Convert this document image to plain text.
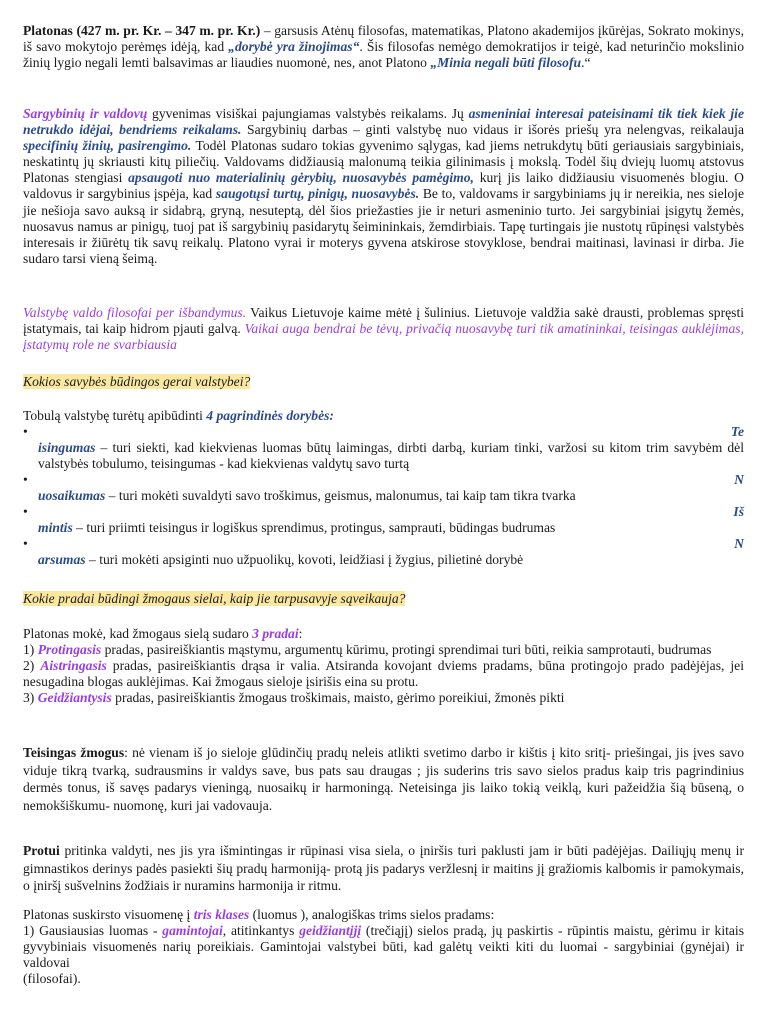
Platonas (427 m. pr. Kr. – 347 m. pr. Kr.) – garsusis Atėnų filosofas, matematikas, Platono akademijos įkūrėjas, Sokrato mokinys, iš savo mokytojo perėmęs idėją, kad „dorybė yra žinojimas“. Šis filosofas nemėgo demokratijos ir teigė, kad neturinčio mokslinio žinių lygio negali lemti balsavimas ar liaudies nuomonė, nes, anot Platono „Minia negali būti filosofu.“

Sargybinių ir valdovų gyvenimas visiškai pajungiamas valstybės reikalams. Jų asmeniniai interesai pateisinami tik tiek kiek jie netrukdo idėjai, bendriems reikalams. Sargybinių darbas – ginti valstybę nuo vidaus ir išorės priešų yra nelengvas, reikalauja specifinių žinių, pasirengimo. Todėl Platonas sudaro tokias gyvenimo sąlygas, kad jiems netrukdytų būti geriausiais sargybiniais, neskatintų jų skriausti kitų piliečių. Valdovams didžiausią malonumą teikia gilinimasis į mokslą. Todėl šių dviejų luomų atstovus Platonas stengiasi apsaugoti nuo materialinių gėrybių, nuosavybės pamėgimo, kurį jis laiko didžiausiu visuomenės blogiu. O valdovus ir sargybinius įspėja, kad saugotųsi turtų, pinigų, nuosavybės. Be to, valdovams ir sargybiniams jų ir nereikia, nes sieloje jie nešioja savo auksą ir sidabrą, gryną, nesuteptą, dėl šios priežasties jie ir neturi asmeninio turto. Jei sargybiniai įsigytų žemės, nuosavus namus ar pinigų, tuoj pat iš sargybinių pasidarytų šeimininkais, žemdirbiais. Tapę turtingais jie nustotų rūpinęsi valstybės interesais ir žiūrėtų tik savų reikalų. Platono vyrai ir moterys gyvena atskirose stovyklose, bendrai maitinasi, lavinasi ir dirba. Jie sudaro tarsi vieną šeimą.

Valstybę valdo filosofai per išbandymus. Vaikus Lietuvoje kaime mėtė į šulinius. Lietuvoje valdžia sakė drausti, problemas spręsti įstatymais, tai kaip hidrom pjauti galvą. Vaikai auga bendrai be tėvų, privačią nuosavybę turi tik amatininkai, teisingas auklėjimas, įstatymų role ne svarbiausia

Kokios savybės būdingos gerai valstybei?

Tobulą valstybę turėtų apibūdinti 4 pagrindinės dorybės:

•	Te
isingumas – turi siekti, kad kiekvienas luomas būtų laimingas, dirbti darbą, kuriam tinki, varžosi su kitom trim savybėm dėl valstybės tobulumo, teisingumas - kad kiekvienas valdytų savo turtą
•	N
uosaikumas – turi mokėti suvaldyti savo troškimus, geismus, malonumus, tai kaip tam tikra tvarka
•	Iš
mintis – turi priimti teisingus ir logiškus sprendimus, protingus, samprauti, būdingas budrumas
•	N
arsumas – turi mokėti apsiginti nuo užpuolikų, kovoti, leidžiasi į žygius, pilietinė dorybė

Kokie pradai būdingi žmogaus sielai, kaip jie tarpusavyje sąveikauja?

Platonas mokė, kad žmogaus sielą sudaro 3 pradai:
1) Protingasis pradas, pasireiškiantis mąstymu, argumentų kūrimu, protingi sprendimai turi būti, reikia samprotauti, budrumas
2) Aistringasis pradas, pasireiškiantis drąsa ir valia. Atsiranda kovojant dviems pradams, būna protingojo prado padėjėjas, jei nesugadina blogas auklėjimas. Kai žmogaus sieloje įsirišis eina su protu.
3) Geidžiantysis pradas, pasireiškiantis žmogaus troškimais, maisto, gėrimo poreikiui, žmonės pikti

Teisingas žmogus: nė vienam iš jo sieloje glūdinčių pradų neleis atlikti svetimo darbo ir kištis į kito sritį- priešingai, jis įves savo viduje tikrą tvarką, sudrausmins ir valdys save, bus pats sau draugas ; jis suderins tris savo sielos pradus kaip tris pagrindinius dermės tonus, iš savęs padarys vieningą, nuosaikų ir harmoningą. Neteisinga jis laiko tokią veiklą, kuri pažeidžia šią būseną, o nemokšiškumu- nuomonę, kuri jai vadovauja.

Protui pritinka valdyti, nes jis yra išmintingas ir rūpinasi visa siela, o įniršis turi paklusti jam ir būti padėjėjas. Dailiųjų menų ir gimnastikos derinys padės pasiekti šių pradų harmoniją- protą jis padarys veržlesnį ir maitins jį gražiomis kalbomis ir pamokymais, o įniršį sušvelnins žodžiais ir nuramins harmonija ir ritmu.

Platonas suskirsto visuomenę į tris klases (luomus ), analogiškas trims sielos pradams:
1) Gausiausias luomas - gamintojai, atitinkantys geidžiantįjį (trečiąjį) sielos pradą, jų paskirtis - rūpintis maistu, gėrimu ir kitais gyvybiniais visuomenės narių poreikiais. Gamintojai valstybei būti, kad galėtų veikti kiti du luomai - sargybiniai (gynėjai) ir valdovai
(filosofai).
